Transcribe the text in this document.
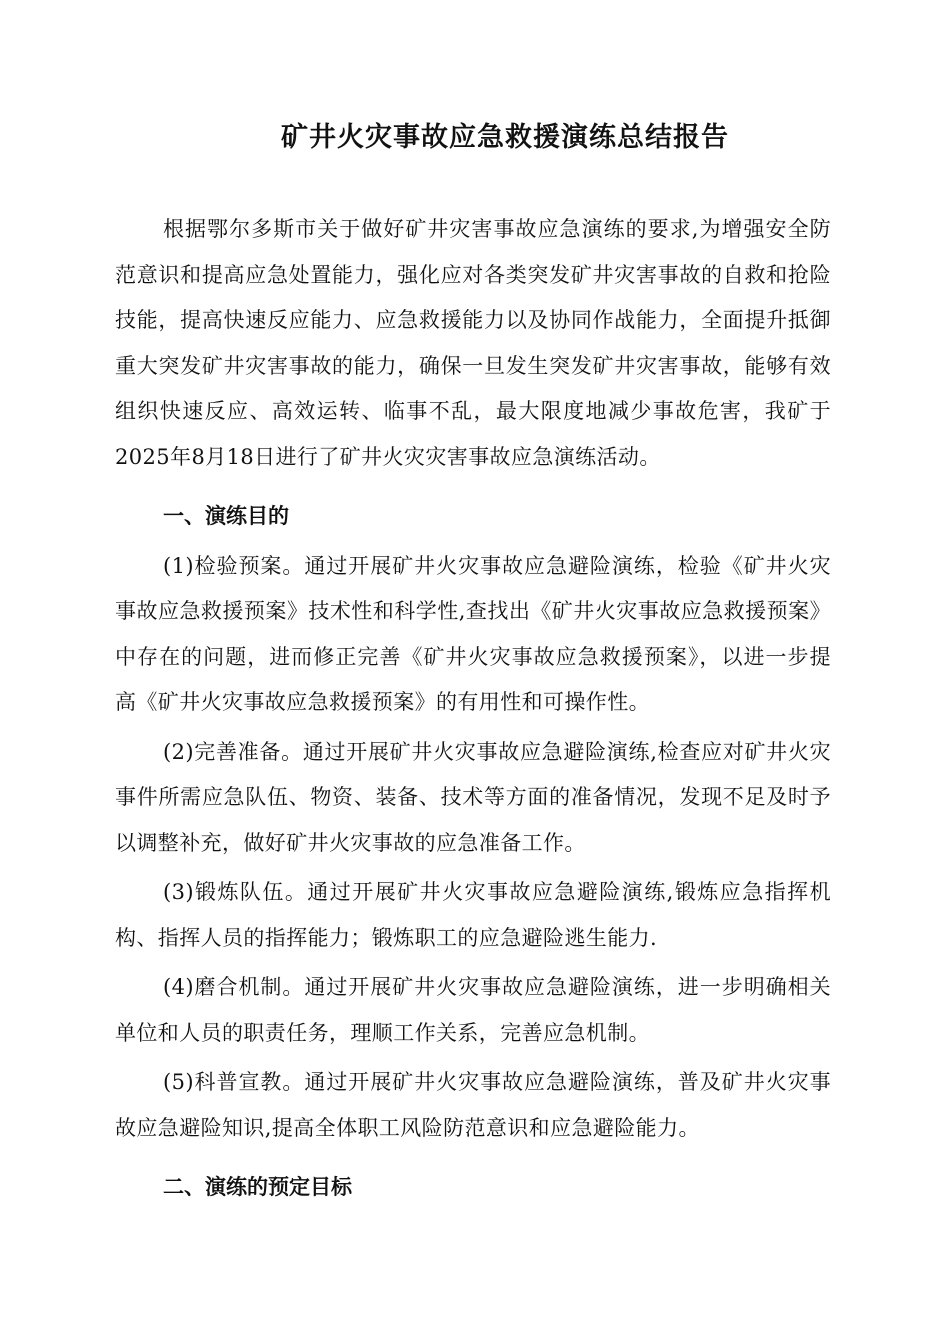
矿井火灾事故应急救援演练总结报告

根据鄂尔多斯市关于做好矿井灾害事故应急演练的要求,为增强安全防范意识和提高应急处置能力，强化应对各类突发矿井灾害事故的自救和抢险技能，提高快速反应能力、应急救援能力以及协同作战能力，全面提升抵御重大突发矿井灾害事故的能力，确保一旦发生突发矿井灾害事故，能够有效组织快速反应、高效运转、临事不乱，最大限度地减少事故危害，我矿于2025年8月18日进行了矿井火灾灾害事故应急演练活动。

一、演练目的

(1)检验预案。通过开展矿井火灾事故应急避险演练，检验《矿井火灾事故应急救援预案》技术性和科学性,查找出《矿井火灾事故应急救援预案》中存在的问题，进而修正完善《矿井火灾事故应急救援预案》，以进一步提高《矿井火灾事故应急救援预案》的有用性和可操作性。

(2)完善准备。通过开展矿井火灾事故应急避险演练,检查应对矿井火灾事件所需应急队伍、物资、装备、技术等方面的准备情况，发现不足及时予以调整补充，做好矿井火灾事故的应急准备工作。

(3)锻炼队伍。通过开展矿井火灾事故应急避险演练,锻炼应急指挥机构、指挥人员的指挥能力；锻炼职工的应急避险逃生能力.

(4)磨合机制。通过开展矿井火灾事故应急避险演练，进一步明确相关单位和人员的职责任务，理顺工作关系，完善应急机制。

(5)科普宣教。通过开展矿井火灾事故应急避险演练，普及矿井火灾事故应急避险知识,提高全体职工风险防范意识和应急避险能力。

二、演练的预定目标
